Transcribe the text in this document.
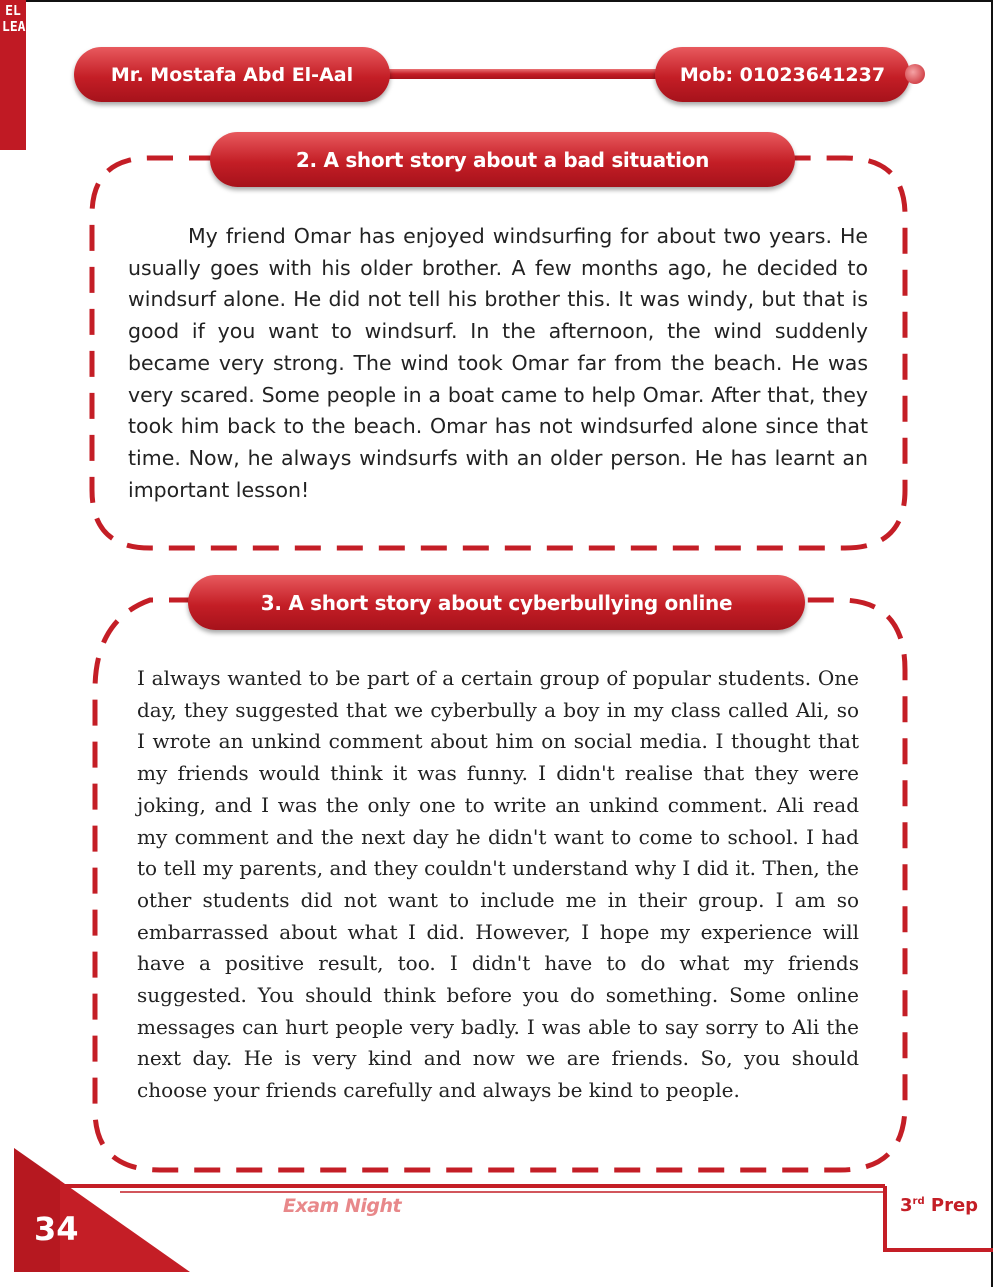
EL
LEADER
Mr. Mostafa Abd El-Aal	Mob: 01023641237
2. A short story about a bad situation
My friend Omar has enjoyed windsurfing for about two years. He usually goes with his older brother. A few months ago, he decided to windsurf alone. He did not tell his brother this. It was windy, but that is good if you want to windsurf. In the afternoon, the wind suddenly became very strong. The wind took Omar far from the beach. He was very scared. Some people in a boat came to help Omar. After that, they took him back to the beach. Omar has not windsurfed alone since that time. Now, he always windsurfs with an older person. He has learnt an important lesson!
3. A short story about cyberbullying online
I always wanted to be part of a certain group of popular students. One day, they suggested that we cyberbully a boy in my class called Ali, so I wrote an unkind comment about him on social media. I thought that my friends would think it was funny. I didn't realise that they were joking, and I was the only one to write an unkind comment. Ali read my comment and the next day he didn't want to come to school. I had to tell my parents, and they couldn't understand why I did it. Then, the other students did not want to include me in their group. I am so embarrassed about what I did. However, I hope my experience will have a positive result, too. I didn't have to do what my friends suggested. You should think before you do something. Some online messages can hurt people very badly. I was able to say sorry to Ali the next day. He is very kind and now we are friends. So, you should choose your friends carefully and always be kind to people.
34
Exam Night	3rd Prep
